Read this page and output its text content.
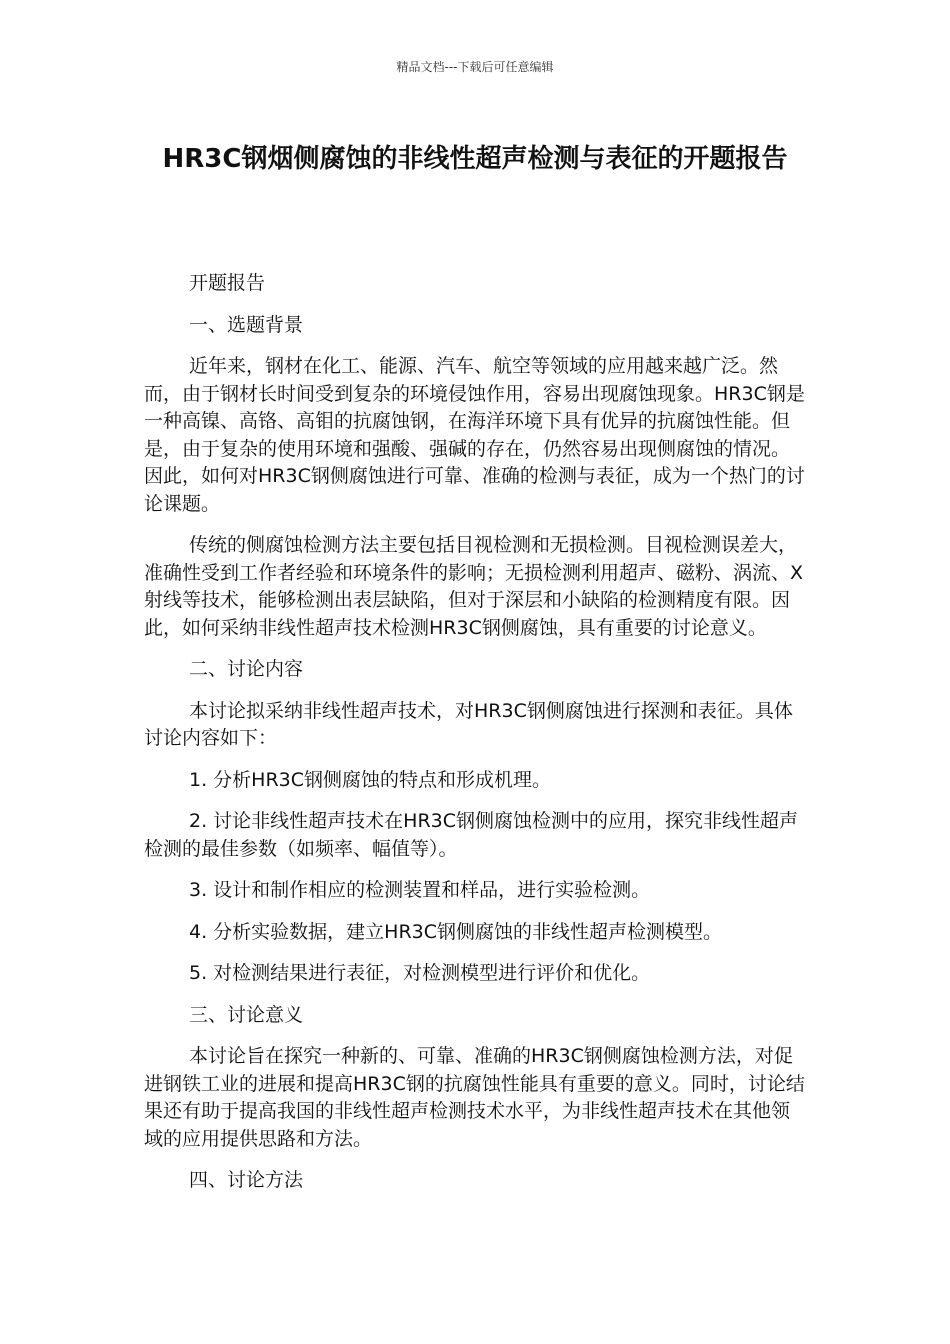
精品文档---下载后可任意编辑
HR3C钢烟侧腐蚀的非线性超声检测与表征的开题报告

开题报告

一、选题背景

近年来，钢材在化工、能源、汽车、航空等领域的应用越来越广泛。然而，由于钢材长时间受到复杂的环境侵蚀作用，容易出现腐蚀现象。HR3C钢是一种高镍、高铬、高钼的抗腐蚀钢，在海洋环境下具有优异的抗腐蚀性能。但是，由于复杂的使用环境和强酸、强碱的存在，仍然容易出现侧腐蚀的情况。因此，如何对HR3C钢侧腐蚀进行可靠、准确的检测与表征，成为一个热门的讨论课题。

传统的侧腐蚀检测方法主要包括目视检测和无损检测。目视检测误差大，准确性受到工作者经验和环境条件的影响；无损检测利用超声、磁粉、涡流、X射线等技术，能够检测出表层缺陷，但对于深层和小缺陷的检测精度有限。因此，如何采纳非线性超声技术检测HR3C钢侧腐蚀，具有重要的讨论意义。

二、讨论内容

本讨论拟采纳非线性超声技术，对HR3C钢侧腐蚀进行探测和表征。具体讨论内容如下：

1. 分析HR3C钢侧腐蚀的特点和形成机理。

2. 讨论非线性超声技术在HR3C钢侧腐蚀检测中的应用，探究非线性超声检测的最佳参数（如频率、幅值等）。

3. 设计和制作相应的检测装置和样品，进行实验检测。

4. 分析实验数据，建立HR3C钢侧腐蚀的非线性超声检测模型。

5. 对检测结果进行表征，对检测模型进行评价和优化。

三、讨论意义

本讨论旨在探究一种新的、可靠、准确的HR3C钢侧腐蚀检测方法，对促进钢铁工业的进展和提高HR3C钢的抗腐蚀性能具有重要的意义。同时，讨论结果还有助于提高我国的非线性超声检测技术水平，为非线性超声技术在其他领域的应用提供思路和方法。

四、讨论方法
